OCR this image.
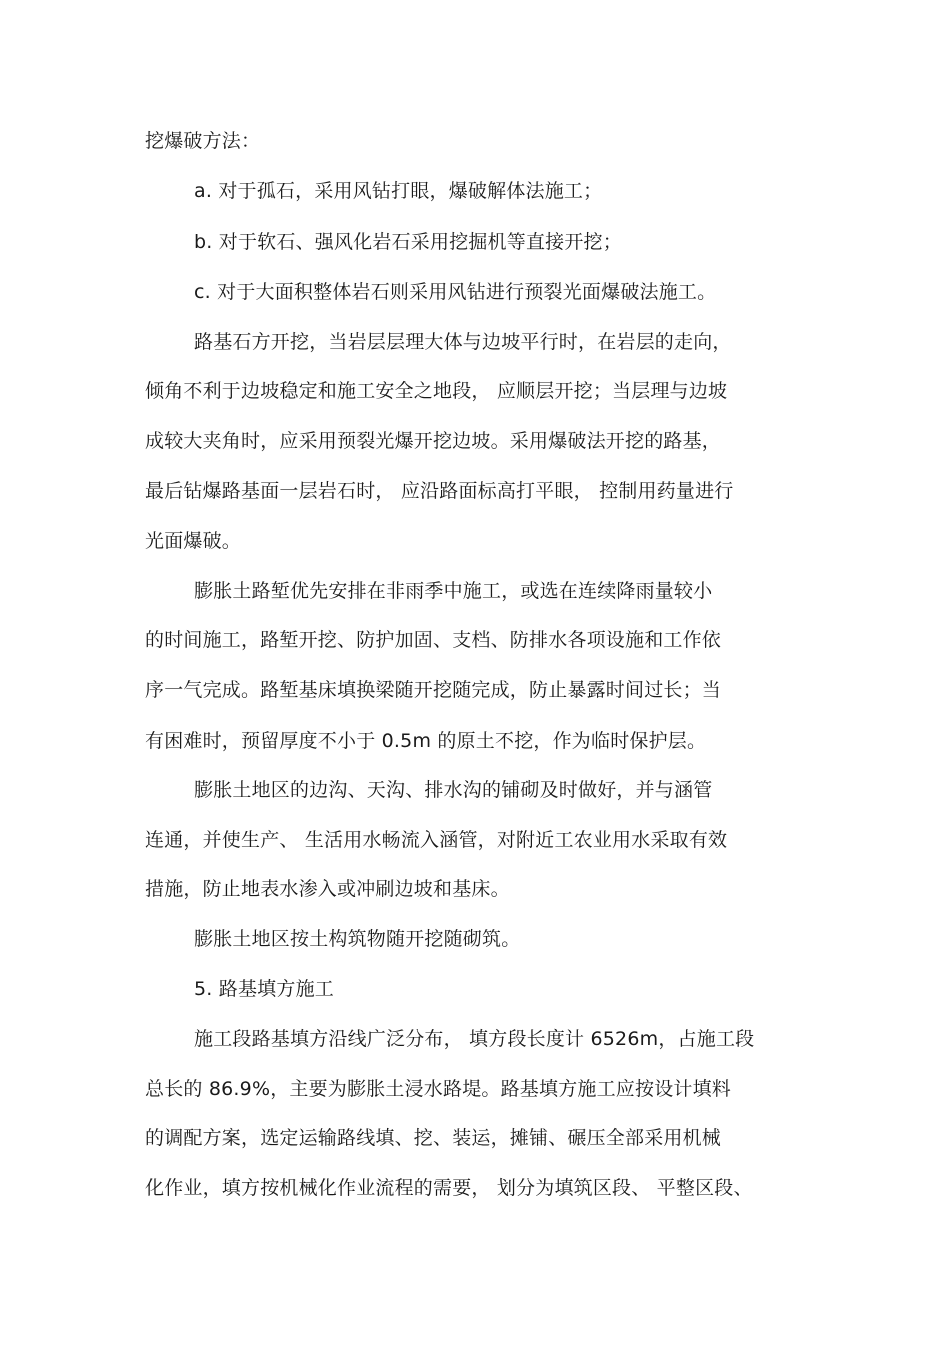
挖爆破方法：
a. 对于孤石，采用风钻打眼，爆破解体法施工；
b. 对于软石、强风化岩石采用挖掘机等直接开挖；
c. 对于大面积整体岩石则采用风钻进行预裂光面爆破法施工。
路基石方开挖，当岩层层理大体与边坡平行时，在岩层的走向，
倾角不利于边坡稳定和施工安全之地段， 应顺层开挖；当层理与边坡
成较大夹角时，应采用预裂光爆开挖边坡。采用爆破法开挖的路基，
最后钻爆路基面一层岩石时， 应沿路面标高打平眼， 控制用药量进行
光面爆破。
膨胀土路堑优先安排在非雨季中施工，或选在连续降雨量较小
的时间施工，路堑开挖、防护加固、支档、防排水各项设施和工作依
序一气完成。路堑基床填换梁随开挖随完成，防止暴露时间过长；当
有困难时，预留厚度不小于 0.5m 的原土不挖，作为临时保护层。
膨胀土地区的边沟、天沟、排水沟的铺砌及时做好，并与涵管
连通，并使生产、 生活用水畅流入涵管，对附近工农业用水采取有效
措施，防止地表水渗入或冲刷边坡和基床。
膨胀土地区按土构筑物随开挖随砌筑。
5. 路基填方施工
施工段路基填方沿线广泛分布， 填方段长度计 6526m，占施工段
总长的 86.9%，主要为膨胀土浸水路堤。路基填方施工应按设计填料
的调配方案，选定运输路线填、挖、装运，摊铺、碾压全部采用机械
化作业，填方按机械化作业流程的需要， 划分为填筑区段、 平整区段、
